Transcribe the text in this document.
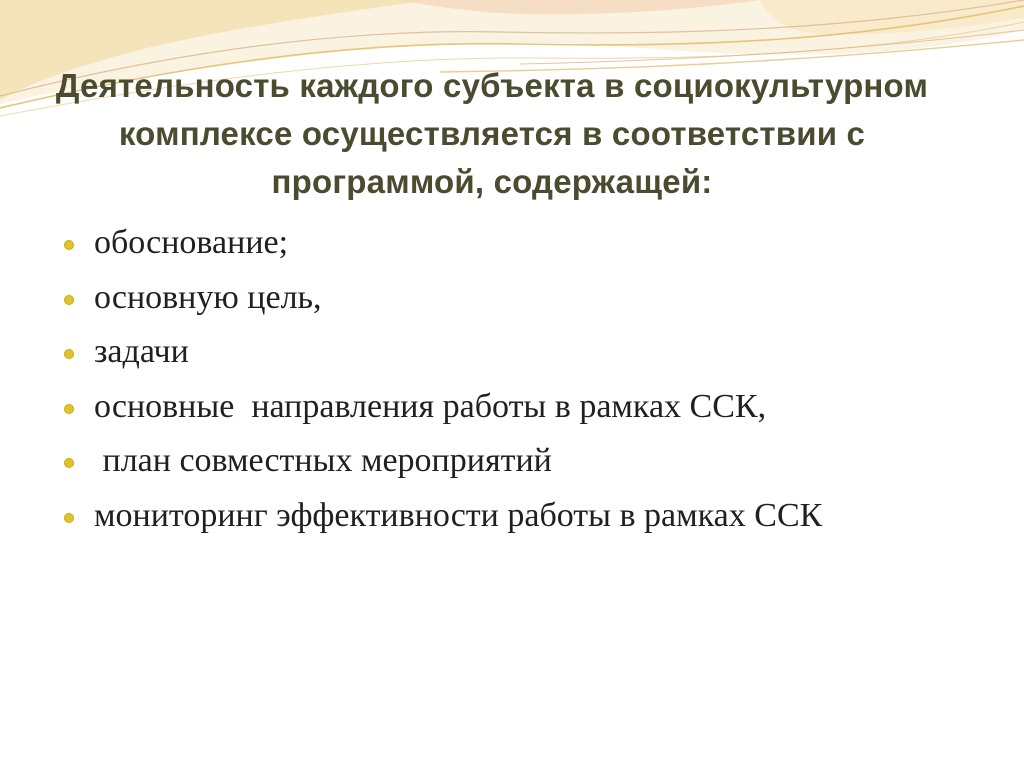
Деятельность каждого субъекта в социокультурном комплексе осуществляется в соответствии с программой, содержащей:

обоснование;

основную цель,

задачи

основные  направления работы в рамках ССК,

план совместных мероприятий

мониторинг эффективности работы в рамках ССК
